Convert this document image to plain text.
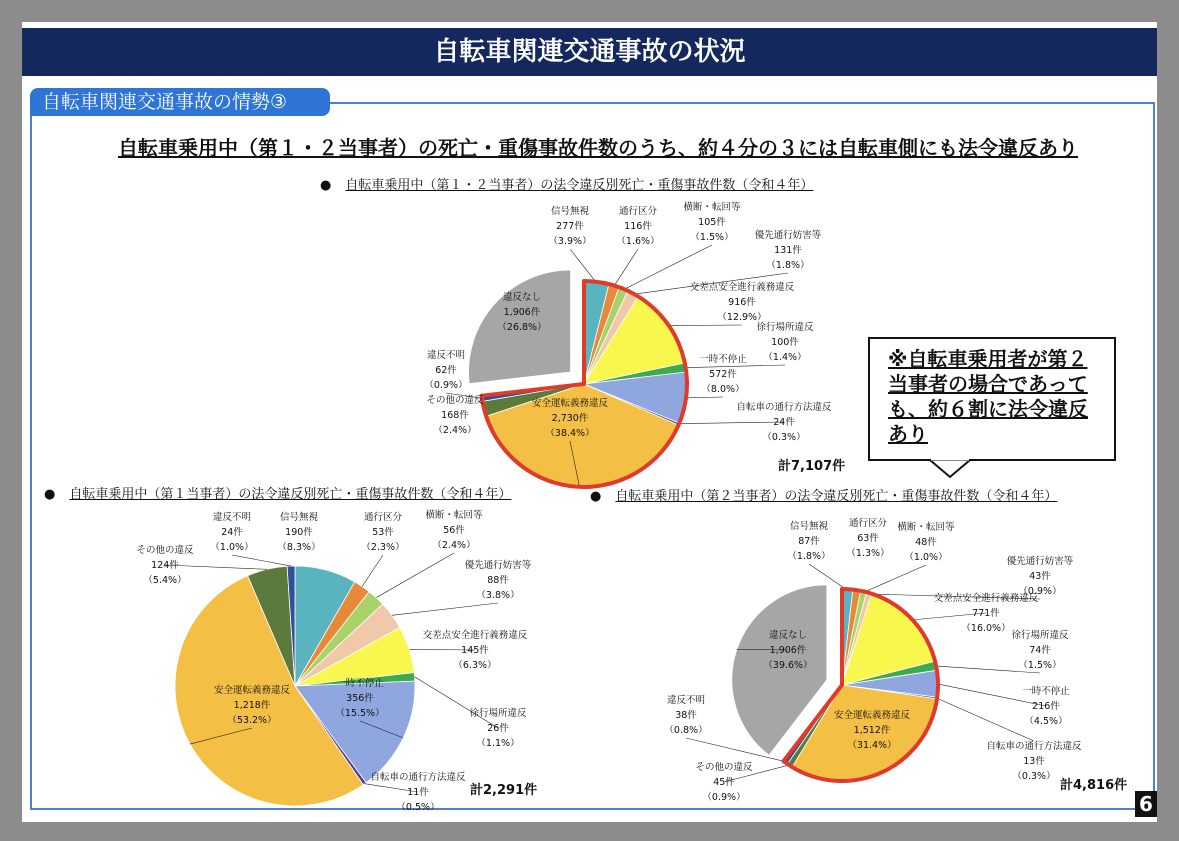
自転車関連交通事故の状況
自転車関連交通事故の情勢③
自転車乗用中（第１・２当事者）の死亡・重傷事故件数のうち、約４分の３には自転車側にも法令違反あり
● 自転車乗用中（第１・２当事者）の法令違反別死亡・重傷事故件数（令和４年）
● 自転車乗用中（第１当事者）の法令違反別死亡・重傷事故件数（令和４年）	● 自転車乗用中（第２当事者）の法令違反別死亡・重傷事故件数（令和４年）
計7,107件
計2,291件	計4,816件
※自転車乗用者が第２当事者の場合であっても、約６割に法令違反あり
信号無視
277件
（3.9%）
通行区分
116件
（1.6%）
横断・転回等
105件
（1.5%）	優先通行妨害等
131件
（1.8%）
交差点安全進行義務違反
916件
（12.9%）
徐行場所違反
100件
（1.4%）
一時不停止
572件
（8.0%）
自転車の通行方法違反
24件
（0.3%）
安全運転義務違反
2,730件
（38.4%）
その他の違反
168件
（2.4%）
違反不明
62件
（0.9%）
違反なし
1,906件
（26.8%）
信号無視
190件
（8.3%）
通行区分
53件
（2.3%）
横断・転回等
56件
（2.4%）
優先通行妨害等
88件
（3.8%）
交差点安全進行義務違反
145件
（6.3%）
徐行場所違反
26件
（1.1%）
一時不停止
356件
（15.5%）
自転車の通行方法違反
11件
（0.5%）
安全運転義務違反
1,218件
（53.2%）
その他の違反
124件
（5.4%）
違反不明
24件
（1.0%）
信号無視
87件
（1.8%）
通行区分
63件
（1.3%）
横断・転回等
48件
（1.0%）	優先通行妨害等
43件
（0.9%）
交差点安全進行義務違反
771件
（16.0%）
徐行場所違反
74件
（1.5%）
一時不停止
216件
（4.5%）
自転車の通行方法違反
13件
（0.3%）
安全運転義務違反
1,512件
（31.4%）
その他の違反
45件
（0.9%）
違反不明
38件
（0.8%）
違反なし
1,906件
（39.6%）
6
